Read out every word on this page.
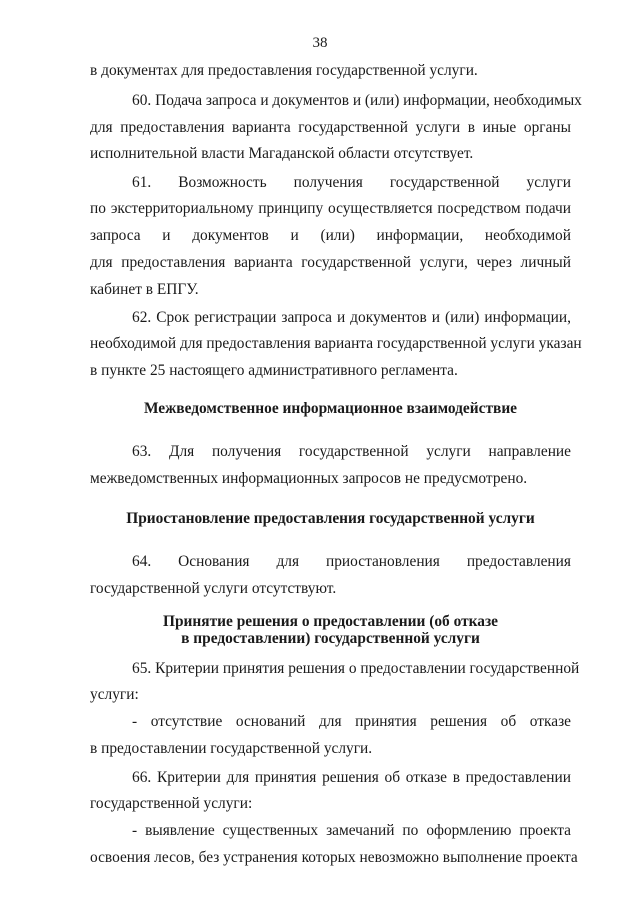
38
в документах для предоставления государственной услуги.
60. Подача запроса и документов и (или) информации, необходимых
для предоставления варианта государственной услуги в иные органы
исполнительной власти Магаданской области отсутствует.
61. Возможность получения государственной услуги
по экстерриториальному принципу осуществляется посредством подачи
запроса и документов и (или) информации, необходимой
для предоставления варианта государственной услуги, через личный
кабинет в ЕПГУ.
62. Срок регистрации запроса и документов и (или) информации,
необходимой для предоставления варианта государственной услуги указан
в пункте 25 настоящего административного регламента.
Межведомственное информационное взаимодействие
63. Для получения государственной услуги направление
межведомственных информационных запросов не предусмотрено.
Приостановление предоставления государственной услуги
64. Основания для приостановления предоставления
государственной услуги отсутствуют.
Принятие решения о предоставлении (об отказе
в предоставлении) государственной услуги
65. Критерии принятия решения о предоставлении государственной
услуги:
- отсутствие оснований для принятия решения об отказе
в предоставлении государственной услуги.
66. Критерии для принятия решения об отказе в предоставлении
государственной услуги:
- выявление существенных замечаний по оформлению проекта
освоения лесов, без устранения которых невозможно выполнение проекта
